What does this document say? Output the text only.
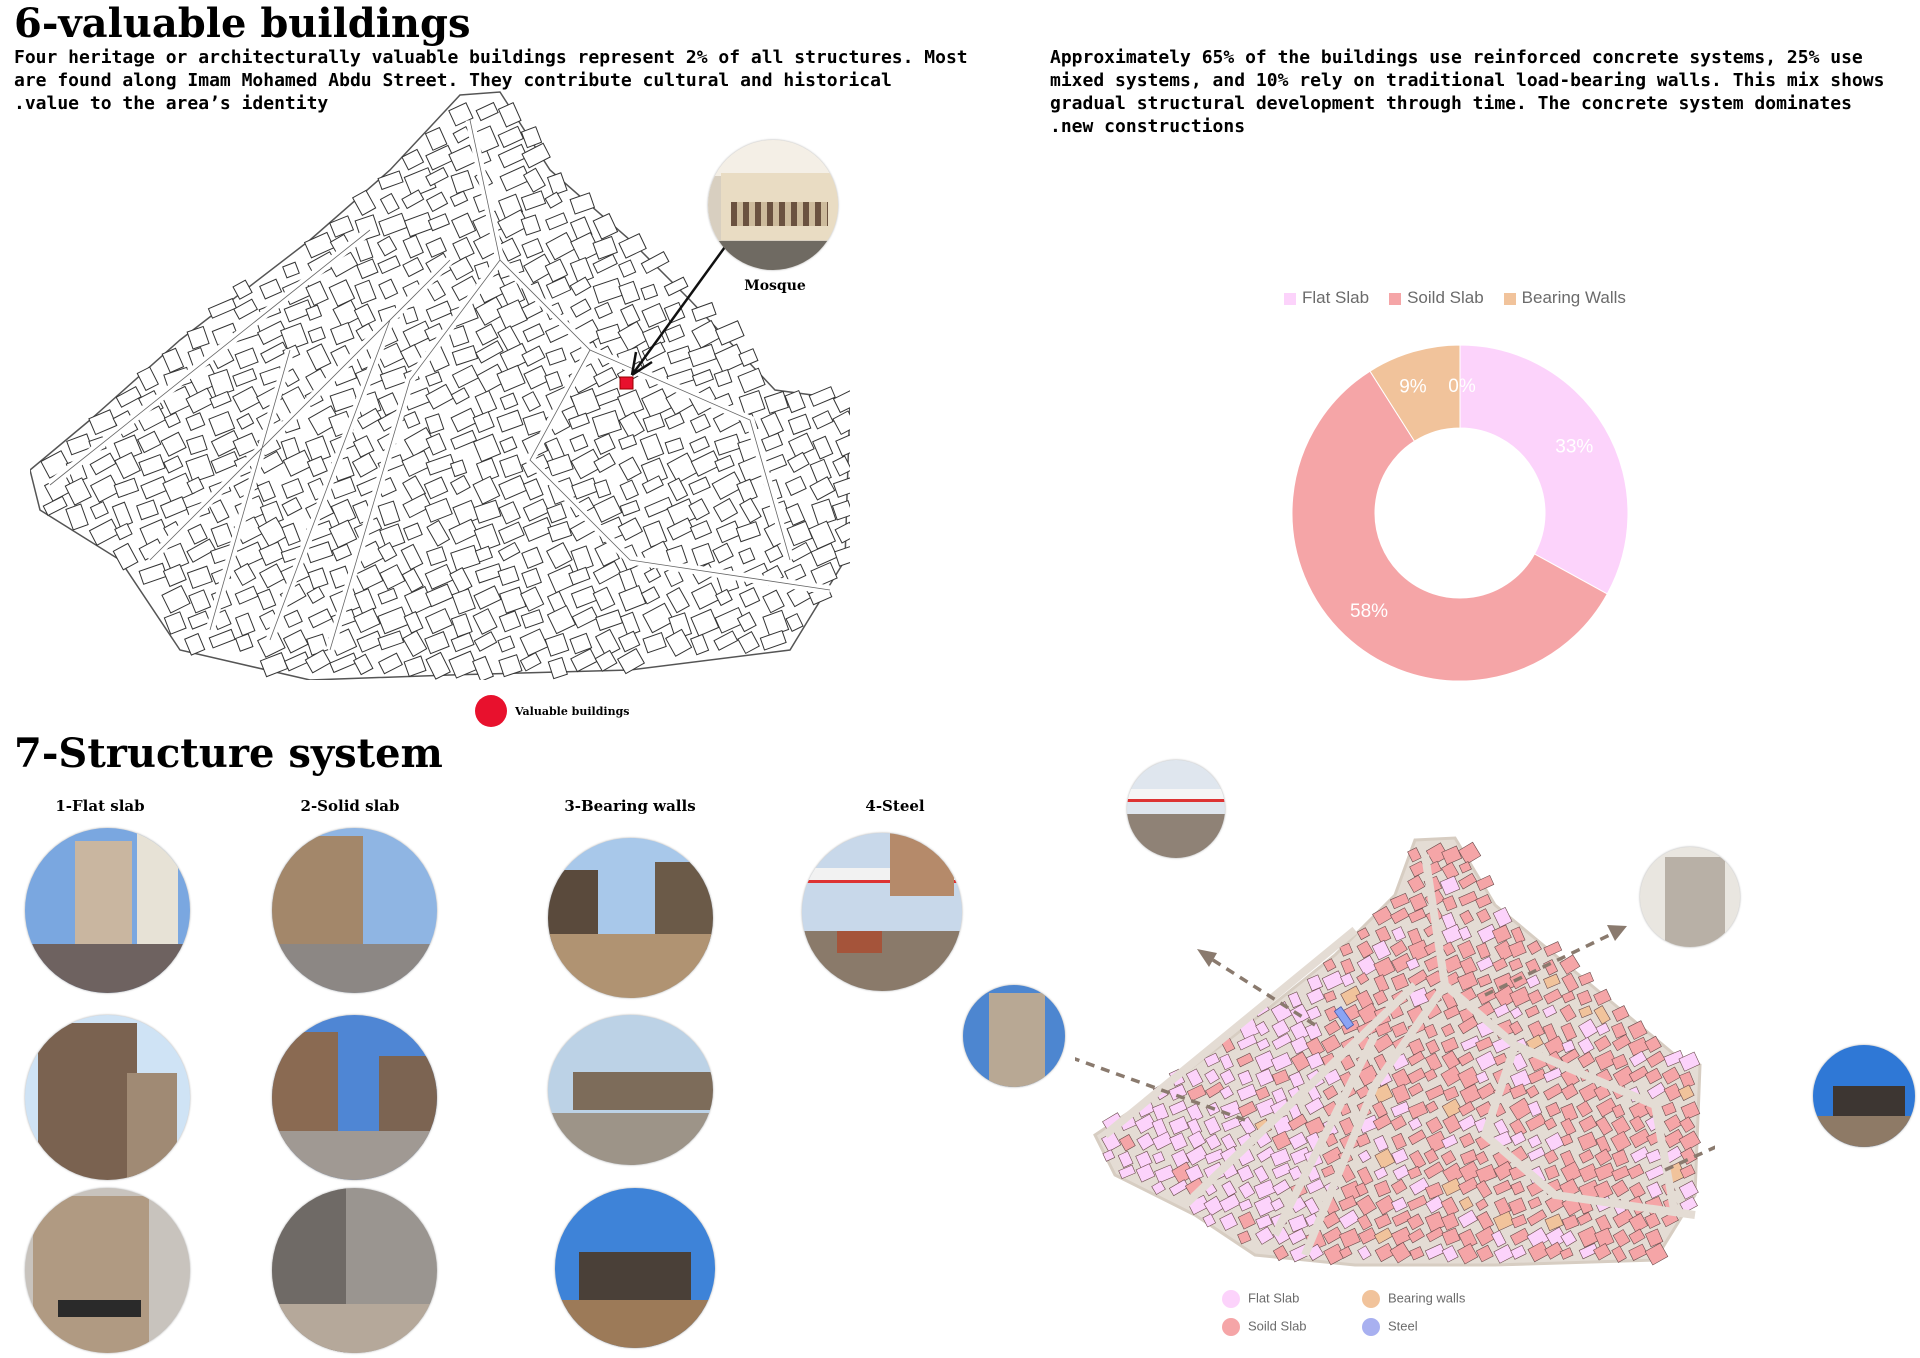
6-valuable buildings
Four heritage or architecturally valuable buildings represent 2% of all structures. Most
are found along Imam Mohamed Abdu Street. They contribute cultural and historical
.value to the area’s identity
Approximately 65% of the buildings use reinforced concrete systems, 25% use
mixed systems, and 10% rely on traditional load-bearing walls. This mix shows
gradual structural development through time. The concrete system dominates
.new constructions
Mosque
Valuable buildings
Flat Slab	Soild Slab	Bearing Walls
33%
58%
9% 0%
7-Structure system
1-Flat slab	2-Solid slab	3-Bearing walls	4-Steel
Flat Slab	Bearing walls
Soild Slab	Steel
